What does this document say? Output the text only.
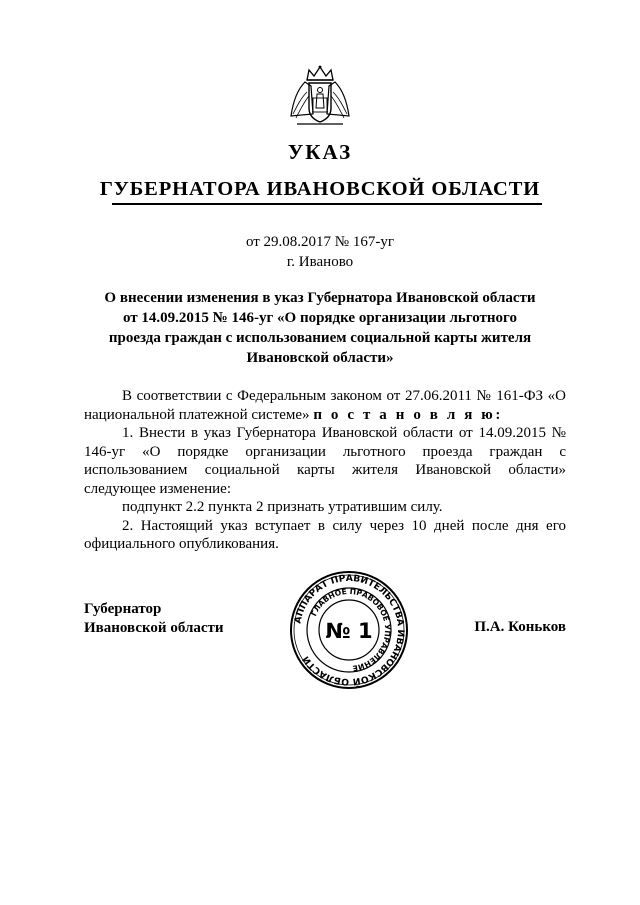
УКАЗ
ГУБЕРНАТОРА ИВАНОВСКОЙ ОБЛАСТИ
от 29.08.2017 № 167-уг
г. Иваново
О внесении изменения в указ Губернатора Ивановской области
от 14.09.2015 № 146-уг «О порядке организации льготного
проезда граждан с использованием социальной карты жителя
Ивановской области»

В соответствии с Федеральным законом от 27.06.2011 № 161-ФЗ «О национальной платежной системе» п о с т а н о в л я ю:

1. Внести в указ Губернатора Ивановской области от 14.09.2015 № 146-уг «О порядке организации льготного проезда граждан с использованием социальной карты жителя Ивановской области» следующее изменение:

подпункт 2.2 пункта 2 признать утратившим силу.

2. Настоящий указ вступает в силу через 10 дней после дня его официального опубликования.

Губернатор
Ивановской области	П.А. Коньков
АППАРАТ ПРАВИТЕЛЬСТВА ИВАНОВСКОЙ ОБЛАСТИ
ГЛАВНОЕ ПРАВОВОЕ УПРАВЛЕНИЕ
№ 1
